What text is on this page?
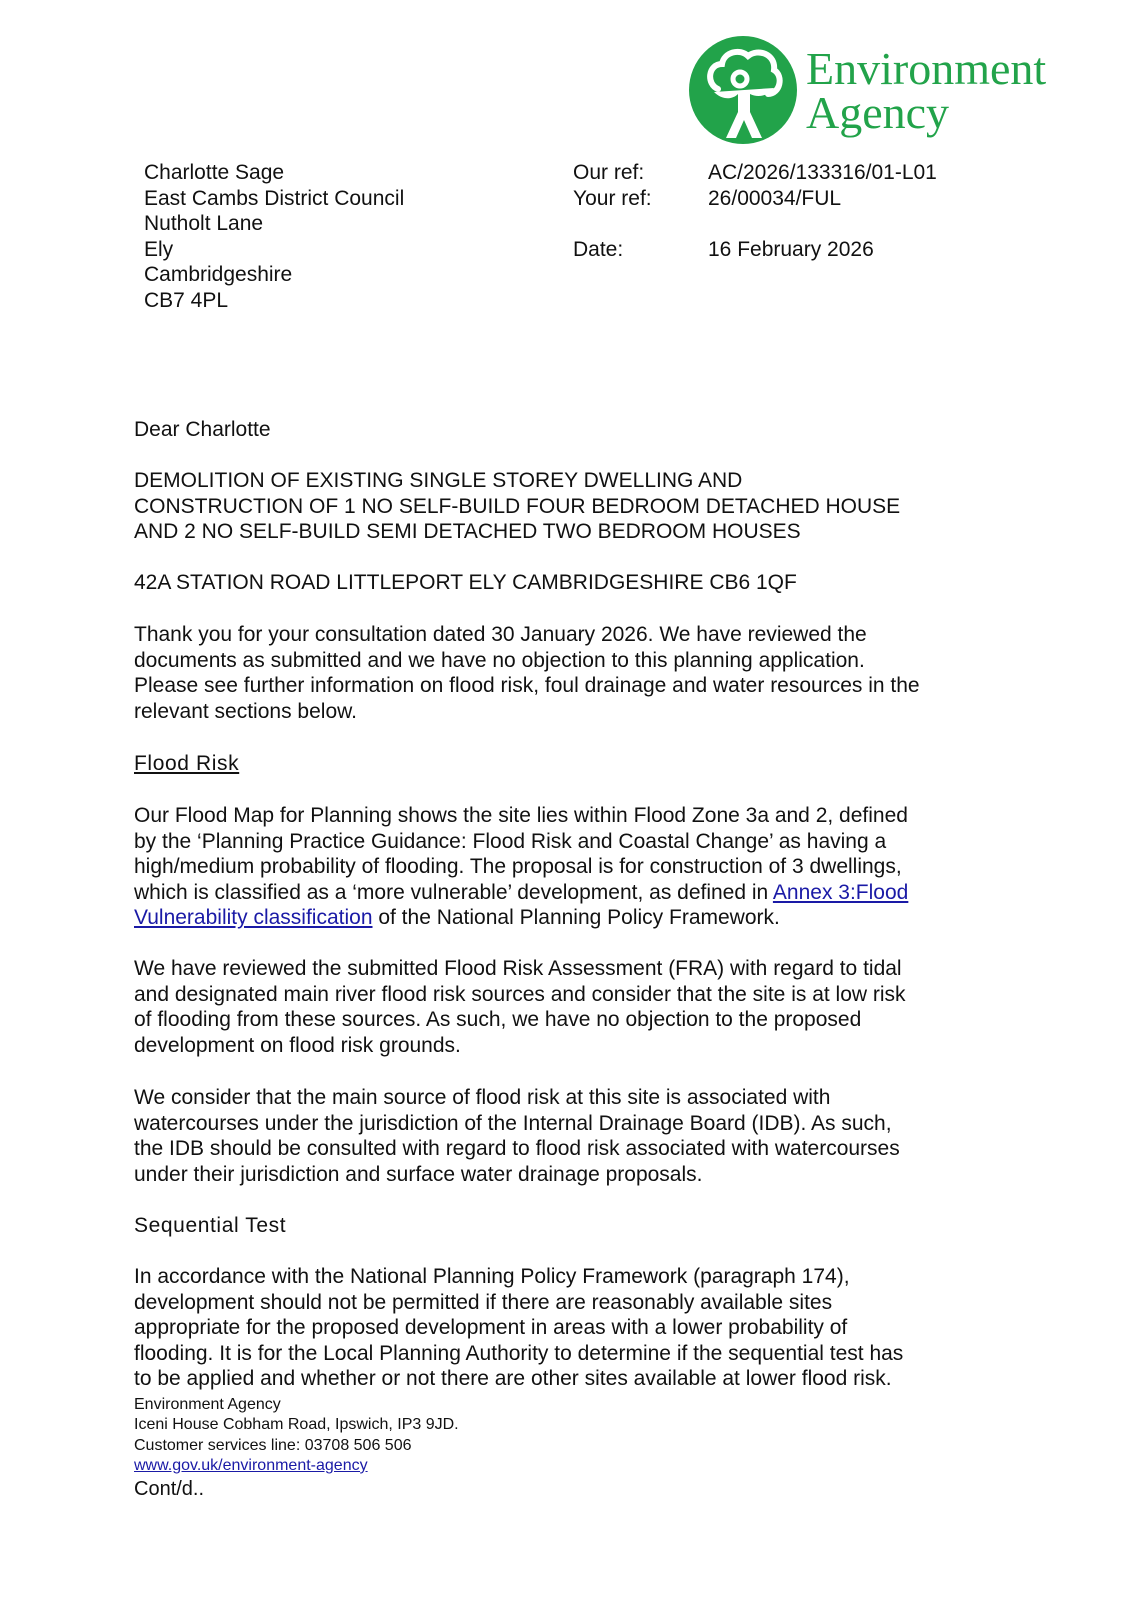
Environment
Agency
Charlotte Sage
East Cambs District Council
Nutholt Lane
Ely
Cambridgeshire
CB7 4PL
Our ref:	AC/2026/133316/01-L01
Your ref:	26/00034/FUL
Date:	16 February 2026
Dear Charlotte
DEMOLITION OF EXISTING SINGLE STOREY DWELLING AND
CONSTRUCTION OF 1 NO SELF-BUILD FOUR BEDROOM DETACHED HOUSE
AND 2 NO SELF-BUILD SEMI DETACHED TWO BEDROOM HOUSES
42A STATION ROAD LITTLEPORT ELY CAMBRIDGESHIRE CB6 1QF
Thank you for your consultation dated 30 January 2026. We have reviewed the
documents as submitted and we have no objection to this planning application.
Please see further information on flood risk, foul drainage and water resources in the
relevant sections below.
Flood Risk
Our Flood Map for Planning shows the site lies within Flood Zone 3a and 2, defined
by the ‘Planning Practice Guidance: Flood Risk and Coastal Change’ as having a
high/medium probability of flooding. The proposal is for construction of 3 dwellings,
which is classified as a ‘more vulnerable’ development, as defined in Annex 3:Flood
Vulnerability classification of the National Planning Policy Framework.
We have reviewed the submitted Flood Risk Assessment (FRA) with regard to tidal
and designated main river flood risk sources and consider that the site is at low risk
of flooding from these sources. As such, we have no objection to the proposed
development on flood risk grounds.
We consider that the main source of flood risk at this site is associated with
watercourses under the jurisdiction of the Internal Drainage Board (IDB). As such,
the IDB should be consulted with regard to flood risk associated with watercourses
under their jurisdiction and surface water drainage proposals.
Sequential Test
In accordance with the National Planning Policy Framework (paragraph 174),
development should not be permitted if there are reasonably available sites
appropriate for the proposed development in areas with a lower probability of
flooding. It is for the Local Planning Authority to determine if the sequential test has
to be applied and whether or not there are other sites available at lower flood risk.
Environment Agency
Iceni House Cobham Road, Ipswich, IP3 9JD.
Customer services line: 03708 506 506
www.gov.uk/environment-agency
Cont/d..
